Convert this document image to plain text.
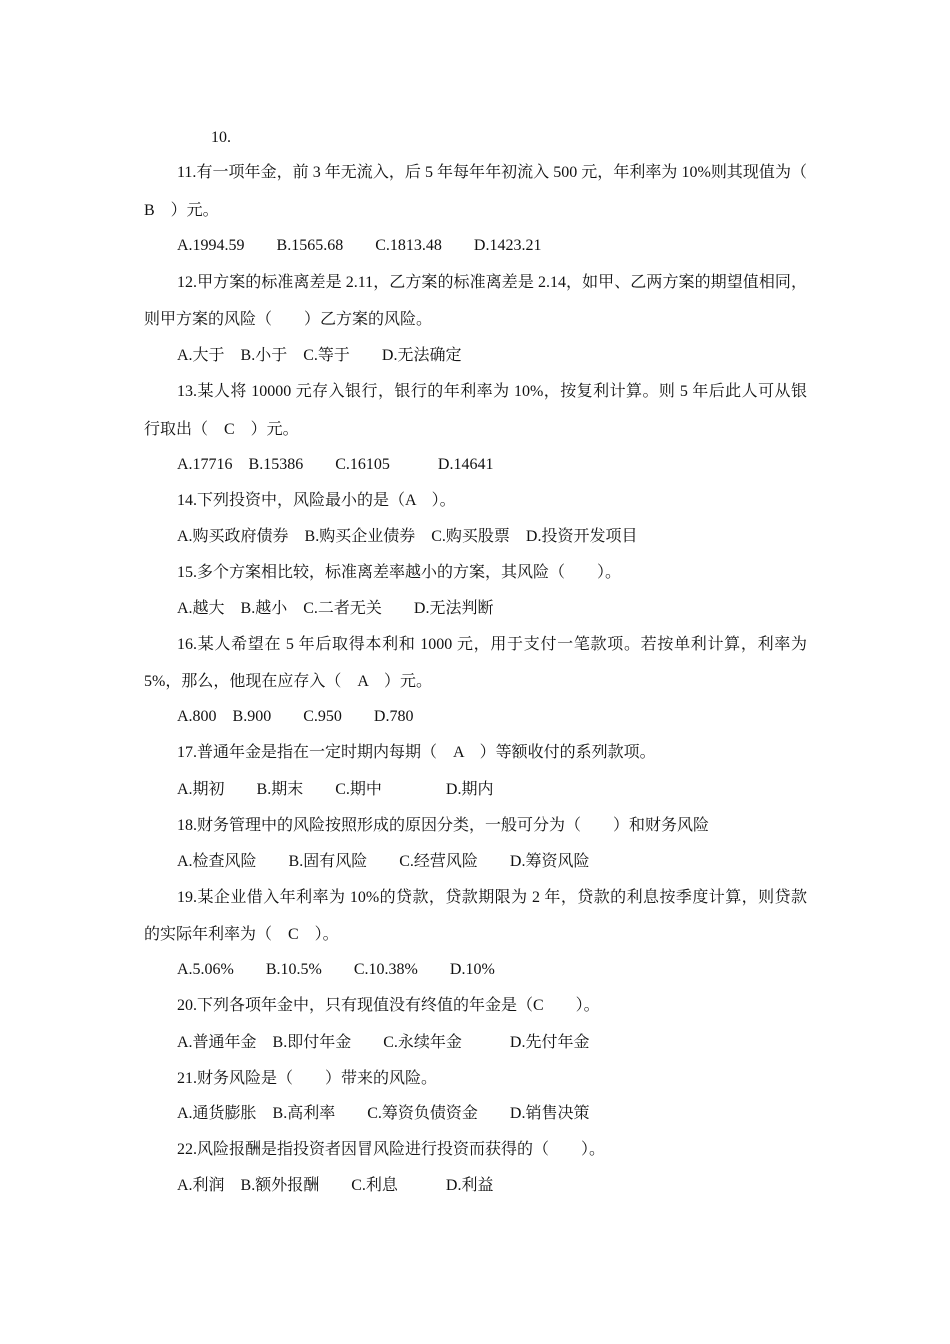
10.
11.有一项年金，前 3 年无流入，后 5 年每年年初流入 500 元，年利率为 10%则其现值为（
B　）元。
A.1994.59　　B.1565.68　　C.1813.48　　D.1423.21
12.甲方案的标准离差是 2.11，乙方案的标准离差是 2.14，如甲、乙两方案的期望值相同，
则甲方案的风险（　　）乙方案的风险。
A.大于　B.小于　C.等于　　D.无法确定
13.某人将 10000 元存入银行，银行的年利率为 10%，按复利计算。则 5 年后此人可从银
行取出（　C　）元。
A.17716　B.15386　　C.16105　　　D.14641
14.下列投资中，风险最小的是（A　）。
A.购买政府债券　B.购买企业债券　C.购买股票　D.投资开发项目
15.多个方案相比较，标准离差率越小的方案，其风险（　　）。
A.越大　B.越小　C.二者无关　　D.无法判断
16.某人希望在 5 年后取得本利和 1000 元，用于支付一笔款项。若按单利计算，利率为
5%，那么，他现在应存入（　A　）元。
A.800　B.900　　C.950　　D.780
17.普通年金是指在一定时期内每期（　A　）等额收付的系列款项。
A.期初　　B.期末　　C.期中　　　　D.期内
18.财务管理中的风险按照形成的原因分类，一般可分为（　　）和财务风险
A.检查风险　　B.固有风险　　C.经营风险　　D.筹资风险
19.某企业借入年利率为 10%的贷款，贷款期限为 2 年，贷款的利息按季度计算，则贷款
的实际年利率为（　C　）。
A.5.06%　　B.10.5%　　C.10.38%　　D.10%
20.下列各项年金中，只有现值没有终值的年金是（C　　）。
A.普通年金　B.即付年金　　C.永续年金　　　D.先付年金
21.财务风险是（　　）带来的风险。
A.通货膨胀　B.高利率　　C.筹资负债资金　　D.销售决策
22.风险报酬是指投资者因冒风险进行投资而获得的（　　）。
A.利润　B.额外报酬　　C.利息　　　D.利益
